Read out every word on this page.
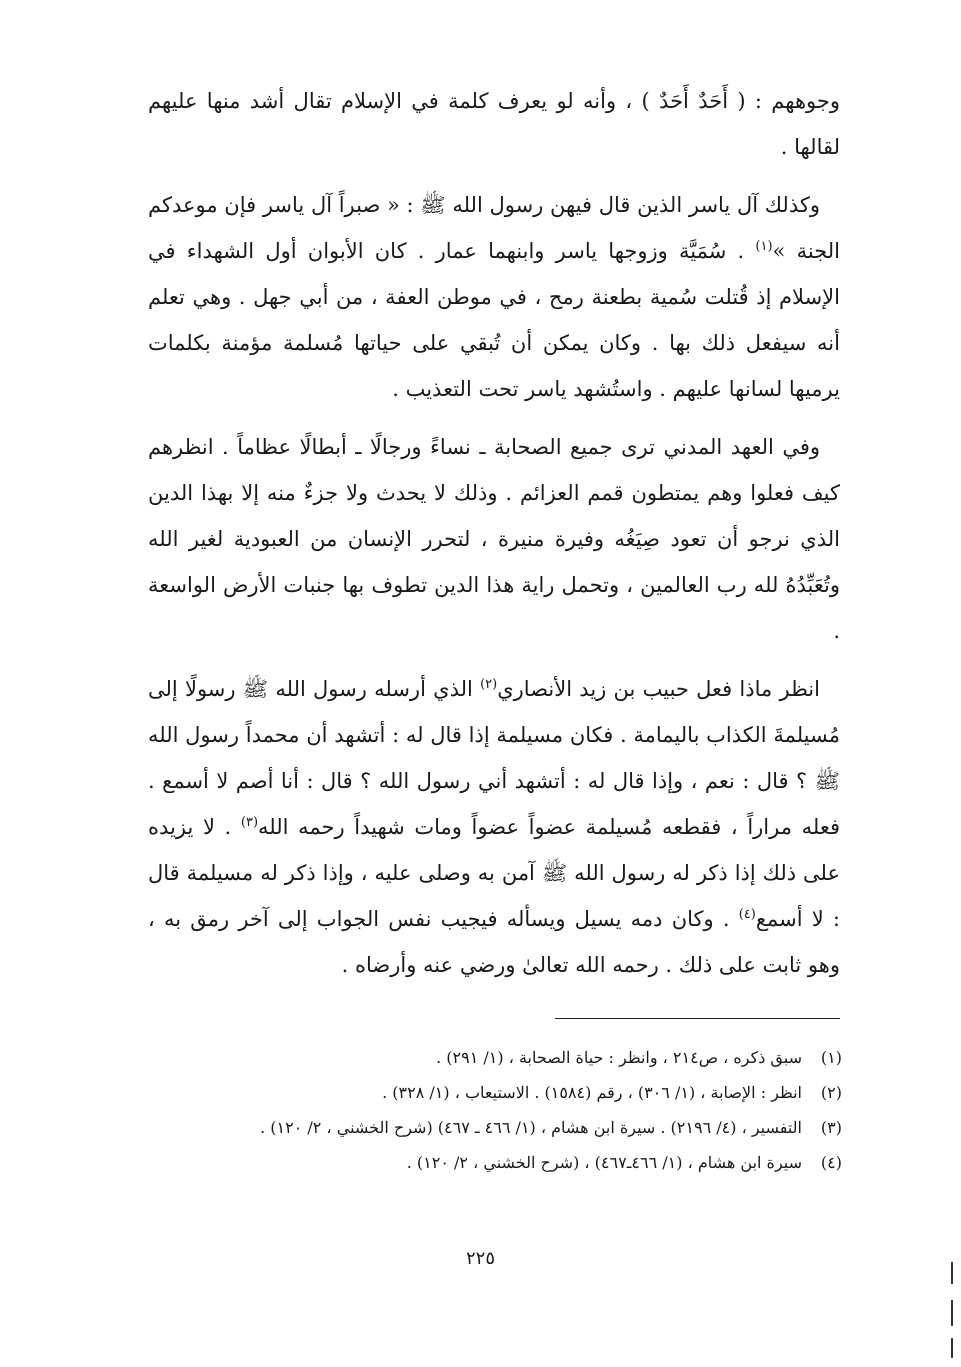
وجوههم : ( أَحَدٌ أَحَدٌ ) ، وأنه لو يعرف كلمة في الإسلام تقال أشد منها عليهم لقالها .

وكذلك آل ياسر الذين قال فيهن رسول الله ﷺ : « صبراً آل ياسر فإن موعدكم الجنة »$^{(١)}$ . سُمَيَّة وزوجها ياسر وابنهما عمار . كان الأبوان أول الشهداء في الإسلام إذ قُتلت سُمية بطعنة رمح ، في موطن العفة ، من أبي جهل . وهي تعلم أنه سيفعل ذلك بها . وكان يمكن أن تُبقي على حياتها مُسلمة مؤمنة بكلمات يرميها لسانها عليهم . واستُشهد ياسر تحت التعذيب .

وفي العهد المدني ترى جميع الصحابة ـ نساءً ورجالًا ـ أبطالًا عظاماً . انظرهم كيف فعلوا وهم يمتطون قمم العزائم . وذلك لا يحدث ولا جزءٌ منه إلا بهذا الدين الذي نرجو أن تعود صِيَغُه وفيرة منيرة ، لتحرر الإنسان من العبودية لغير الله وتُعَبِّدُهُ لله رب العالمين ، وتحمل راية هذا الدين تطوف بها جنبات الأرض الواسعة .

انظر ماذا فعل حبيب بن زيد الأنصاري$^{(٢)}$ الذي أرسله رسول الله ﷺ رسولًا إلى مُسيلمةَ الكذاب باليمامة . فكان مسيلمة إذا قال له : أتشهد أن محمداً رسول الله ﷺ ؟ قال : نعم ، وإذا قال له : أتشهد أني رسول الله ؟ قال : أنا أصم لا أسمع . فعله مراراً ، فقطعه مُسيلمة عضواً عضواً ومات شهيداً رحمه الله$^{(٣)}$ . لا يزيده على ذلك إذا ذكر له رسول الله ﷺ آمن به وصلى عليه ، وإذا ذكر له مسيلمة قال : لا أسمع$^{(٤)}$ . وكان دمه يسيل ويسأله فيجيب نفس الجواب إلى آخر رمق به ، وهو ثابت على ذلك . رحمه الله تعالىٰ ورضي عنه وأرضاه .

(١)
سبق ذكره ، ص٢١٤ ، وانظر : حياة الصحابة ، (١/ ٢٩١) .
(٢)
انظر : الإصابة ، (١/ ٣٠٦) ، رقم (١٥٨٤) . الاستيعاب ، (١/ ٣٢٨) .
(٣)
التفسير ، (٤/ ٢١٩٦) . سيرة ابن هشام ، (١/ ٤٦٦ ـ ٤٦٧) (شرح الخشني ، ٢/ ١٢٠) .
(٤)
سيرة ابن هشام ، (١/ ٤٦٦ـ٤٦٧) ، (شرح الخشني ، ٢/ ١٢٠) .
٢٢٥
